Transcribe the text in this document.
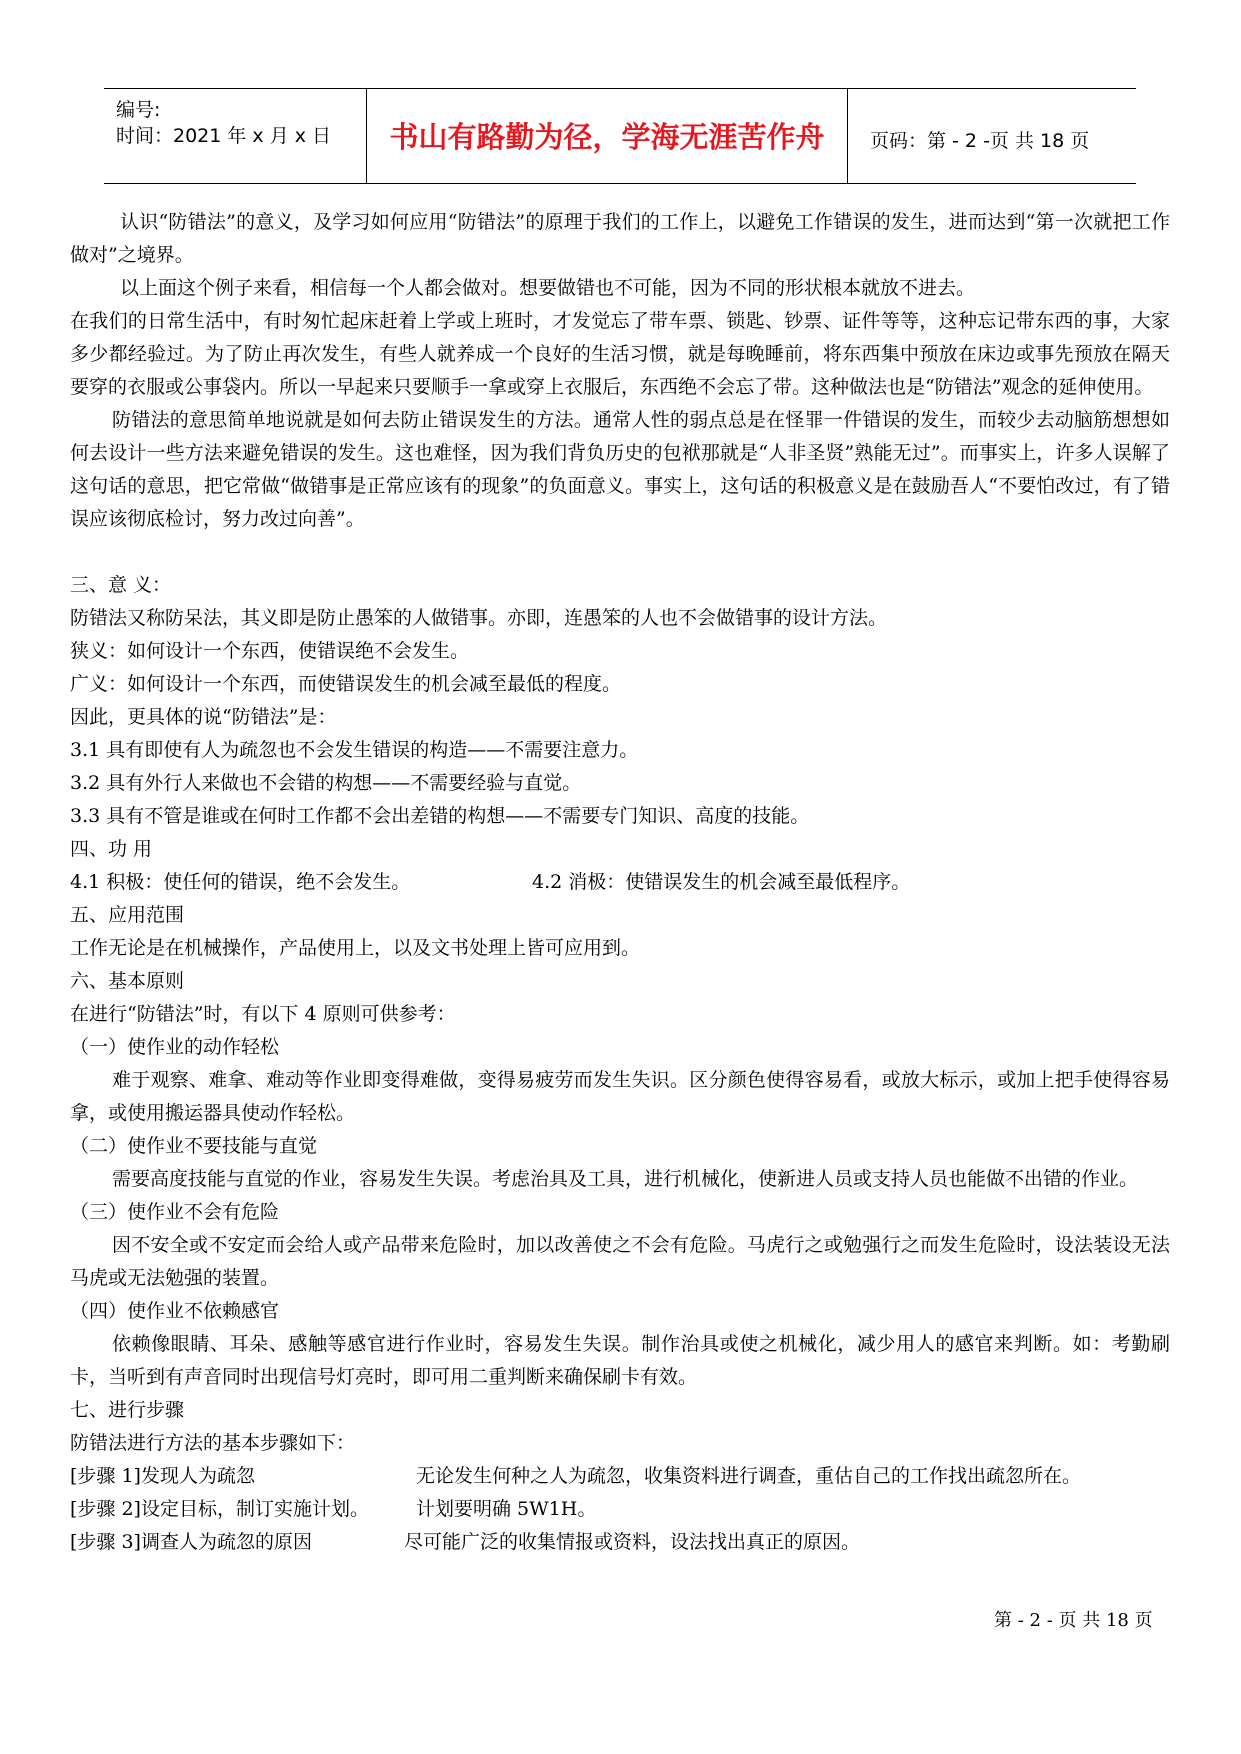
编号:
时间：2021 年 x 月 x 日	书山有路勤为径，学海无涯苦作舟	页码：第 - 2 -页 共 18 页

认识“防错法”的意义，及学习如何应用“防错法”的原理于我们的工作上，以避免工作错误的发生，进而达到“第一次就把工作做对”之境界。

以上面这个例子来看，相信每一个人都会做对。想要做错也不可能，因为不同的形状根本就放不进去。

在我们的日常生活中，有时匆忙起床赶着上学或上班时，才发觉忘了带车票、锁匙、钞票、证件等等，这种忘记带东西的事，大家多少都经验过。为了防止再次发生，有些人就养成一个良好的生活习惯，就是每晚睡前，将东西集中预放在床边或事先预放在隔天要穿的衣服或公事袋内。所以一早起来只要顺手一拿或穿上衣服后，东西绝不会忘了带。这种做法也是“防错法”观念的延伸使用。

防错法的意思简单地说就是如何去防止错误发生的方法。通常人性的弱点总是在怪罪一件错误的发生，而较少去动脑筋想想如何去设计一些方法来避免错误的发生。这也难怪，因为我们背负历史的包袱那就是“人非圣贤”熟能无过”。而事实上，许多人误解了这句话的意思，把它常做“做错事是正常应该有的现象”的负面意义。事实上，这句话的积极意义是在鼓励吾人“不要怕改过，有了错误应该彻底检讨，努力改过向善”。

三、意 义：
防错法又称防呆法，其义即是防止愚笨的人做错事。亦即，连愚笨的人也不会做错事的设计方法。
狭义：如何设计一个东西，使错误绝不会发生。
广义：如何设计一个东西，而使错误发生的机会减至最低的程度。
因此，更具体的说“防错法”是：
3.1 具有即使有人为疏忽也不会发生错误的构造——不需要注意力。
3.2 具有外行人来做也不会错的构想——不需要经验与直觉。
3.3 具有不管是谁或在何时工作都不会出差错的构想——不需要专门知识、高度的技能。
四、功 用
4.1 积极：使任何的错误，绝不会发生。	4.2 消极：使错误发生的机会减至最低程序。
五、应用范围
工作无论是在机械操作，产品使用上，以及文书处理上皆可应用到。
六、基本原则
在进行“防错法”时，有以下 4 原则可供参考：
（一）使作业的动作轻松

难于观察、难拿、难动等作业即变得难做，变得易疲劳而发生失识。区分颜色使得容易看，或放大标示，或加上把手使得容易拿，或使用搬运器具使动作轻松。

（二）使作业不要技能与直觉

需要高度技能与直觉的作业，容易发生失误。考虑治具及工具，进行机械化，使新进人员或支持人员也能做不出错的作业。

（三）使作业不会有危险

因不安全或不安定而会给人或产品带来危险时，加以改善使之不会有危险。马虎行之或勉强行之而发生危险时，设法装设无法马虎或无法勉强的装置。

（四）使作业不依赖感官

依赖像眼睛、耳朵、感触等感官进行作业时，容易发生失误。制作治具或使之机械化，减少用人的感官来判断。如：考勤刷卡，当听到有声音同时出现信号灯亮时，即可用二重判断来确保刷卡有效。

七、进行步骤
防错法进行方法的基本步骤如下：
[步骤 1]发现人为疏忽	无论发生何种之人为疏忽，收集资料进行调查，重估自己的工作找出疏忽所在。
[步骤 2]设定目标，制订实施计划。 计划要明确 5W1H。
[步骤 3]调查人为疏忽的原因	尽可能广泛的收集情报或资料，设法找出真正的原因。
第 - 2 - 页 共 18 页
